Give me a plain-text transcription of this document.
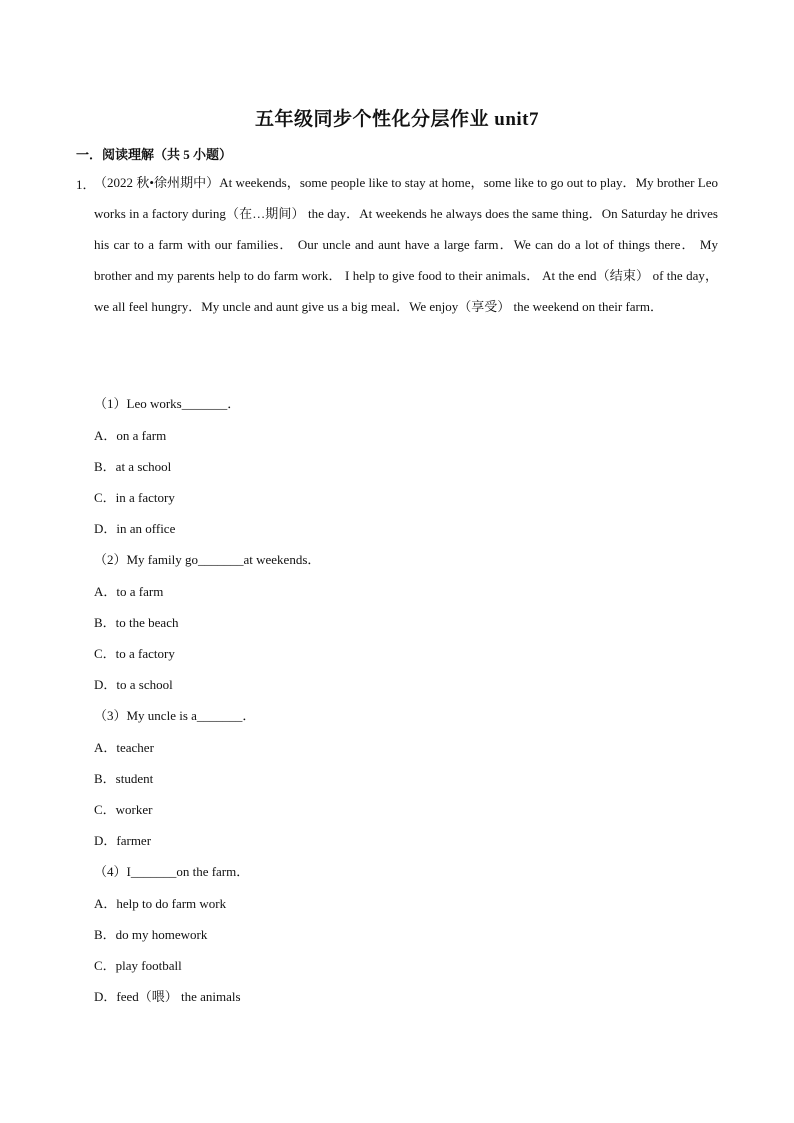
五年级同步个性化分层作业 unit7
一．阅读理解（共 5 小题）
1．
（2022 秋•徐州期中）At weekends，some people like to stay at home，some like to go out to play．My brother Leo works in a factory during（在…期间） the day．At weekends he always does the same thing．On Saturday he drives his car to a farm with our families． Our uncle and aunt have a large farm．We can do a lot of things there． My brother and my parents help to do farm work． I help to give food to their animals． At the end（结束） of the day，we all feel hungry．My uncle and aunt give us a big meal．We enjoy（享受） the weekend on their farm．
（1）Leo works_______．
A．on a farm
B．at a school
C．in a factory
D．in an office
（2）My family go_______at weekends．
A．to a farm
B．to the beach
C．to a factory
D．to a school
（3）My uncle is a_______．
A．teacher
B．student
C．worker
D．farmer
（4）I_______on the farm．
A．help to do farm work
B．do my homework
C．play football
D．feed（喂） the animals
